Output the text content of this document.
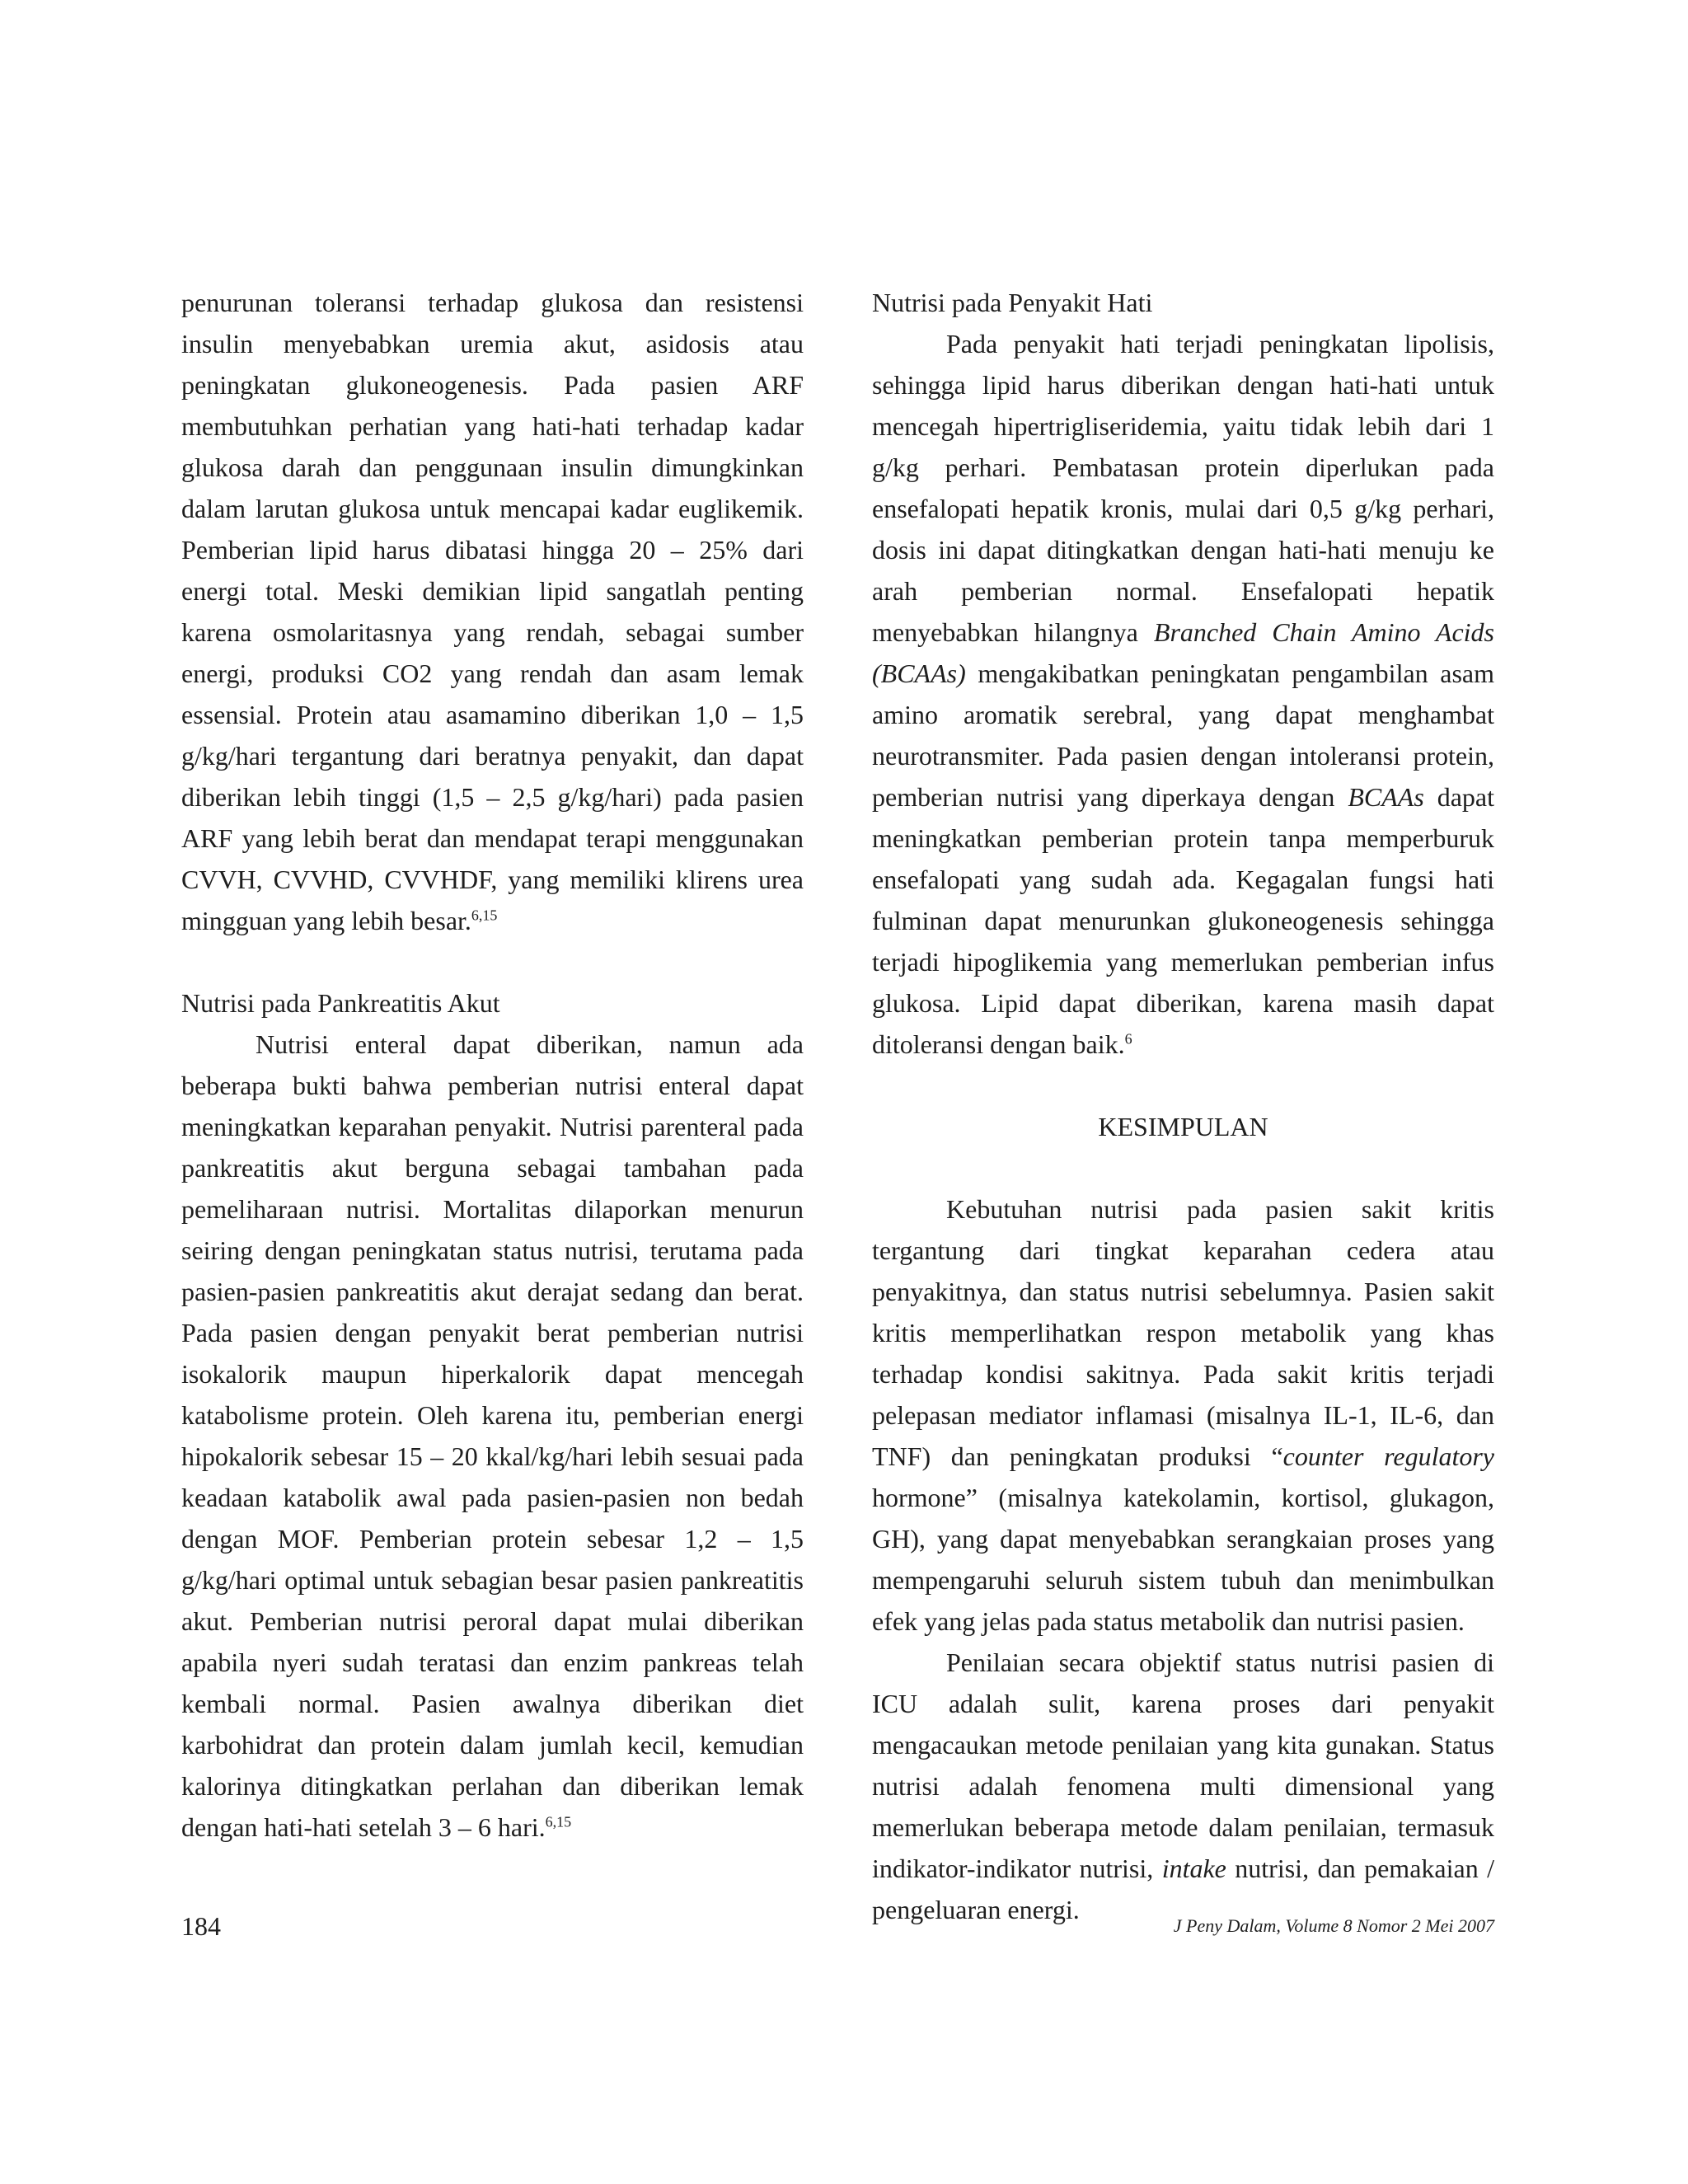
penurunan toleransi terhadap glukosa dan resistensi insulin menyebabkan uremia akut, asidosis atau peningkatan glukoneogenesis. Pada pasien ARF membutuhkan perhatian yang hati-hati terhadap kadar glukosa darah dan penggunaan insulin dimungkinkan dalam larutan glukosa untuk mencapai kadar euglikemik. Pemberian lipid harus dibatasi hingga 20 – 25% dari energi total. Meski demikian lipid sangatlah penting karena osmolaritasnya yang rendah, sebagai sumber energi, produksi CO2 yang rendah dan asam lemak essensial. Protein atau asamamino diberikan 1,0 – 1,5 g/kg/hari tergantung dari beratnya penyakit, dan dapat diberikan lebih tinggi (1,5 – 2,5 g/kg/hari) pada pasien ARF yang lebih berat dan mendapat terapi menggunakan CVVH, CVVHD, CVVHDF, yang memiliki klirens urea mingguan yang lebih besar.$^{6,15}$

Nutrisi pada Pankreatitis Akut

Nutrisi enteral dapat diberikan, namun ada beberapa bukti bahwa pemberian nutrisi enteral dapat meningkatkan keparahan penyakit. Nutrisi parenteral pada pankreatitis akut berguna sebagai tambahan pada pemeliharaan nutrisi. Mortalitas dilaporkan menurun seiring dengan peningkatan status nutrisi, terutama pada pasien-pasien pankreatitis akut derajat sedang dan berat. Pada pasien dengan penyakit berat pemberian nutrisi isokalorik maupun hiperkalorik dapat mencegah katabolisme protein. Oleh karena itu, pemberian energi hipokalorik sebesar 15 – 20 kkal/kg/hari lebih sesuai pada keadaan katabolik awal pada pasien-pasien non bedah dengan MOF. Pemberian protein sebesar 1,2 – 1,5 g/kg/hari optimal untuk sebagian besar pasien pankreatitis akut. Pemberian nutrisi peroral dapat mulai diberikan apabila nyeri sudah teratasi dan enzim pankreas telah kembali normal. Pasien awalnya diberikan diet karbohidrat dan protein dalam jumlah kecil, kemudian kalorinya ditingkatkan perlahan dan diberikan lemak dengan hati-hati setelah 3 – 6 hari.$^{6,15}$

Nutrisi pada Penyakit Hati

Pada penyakit hati terjadi peningkatan lipolisis, sehingga lipid harus diberikan dengan hati-hati untuk mencegah hipertrigliseridemia, yaitu tidak lebih dari 1 g/kg perhari. Pembatasan protein diperlukan pada ensefalopati hepatik kronis, mulai dari 0,5 g/kg perhari, dosis ini dapat ditingkatkan dengan hati-hati menuju ke arah pemberian normal. Ensefalopati hepatik menyebabkan hilangnya Branched Chain Amino Acids (BCAAs) mengakibatkan peningkatan pengambilan asam amino aromatik serebral, yang dapat menghambat neurotransmiter. Pada pasien dengan intoleransi protein, pemberian nutrisi yang diperkaya dengan BCAAs dapat meningkatkan pemberian protein tanpa memperburuk ensefalopati yang sudah ada. Kegagalan fungsi hati fulminan dapat menurunkan glukoneogenesis sehingga terjadi hipoglikemia yang memerlukan pemberian infus glukosa. Lipid dapat diberikan, karena masih dapat ditoleransi dengan baik.$^6$

KESIMPULAN

Kebutuhan nutrisi pada pasien sakit kritis tergantung dari tingkat keparahan cedera atau penyakitnya, dan status nutrisi sebelumnya. Pasien sakit kritis memperlihatkan respon metabolik yang khas terhadap kondisi sakitnya. Pada sakit kritis terjadi pelepasan mediator inflamasi (misalnya IL-1, IL-6, dan TNF) dan peningkatan produksi “counter regulatory hormone” (misalnya katekolamin, kortisol, glukagon, GH), yang dapat menyebabkan serangkaian proses yang mempengaruhi seluruh sistem tubuh dan menimbulkan efek yang jelas pada status metabolik dan nutrisi pasien.

Penilaian secara objektif status nutrisi pasien di ICU adalah sulit, karena proses dari penyakit mengacaukan metode penilaian yang kita gunakan. Status nutrisi adalah fenomena multi dimensional yang memerlukan beberapa metode dalam penilaian, termasuk indikator-indikator nutrisi, intake nutrisi, dan pemakaian / pengeluaran energi.

184	J Peny Dalam, Volume 8 Nomor 2 Mei 2007
